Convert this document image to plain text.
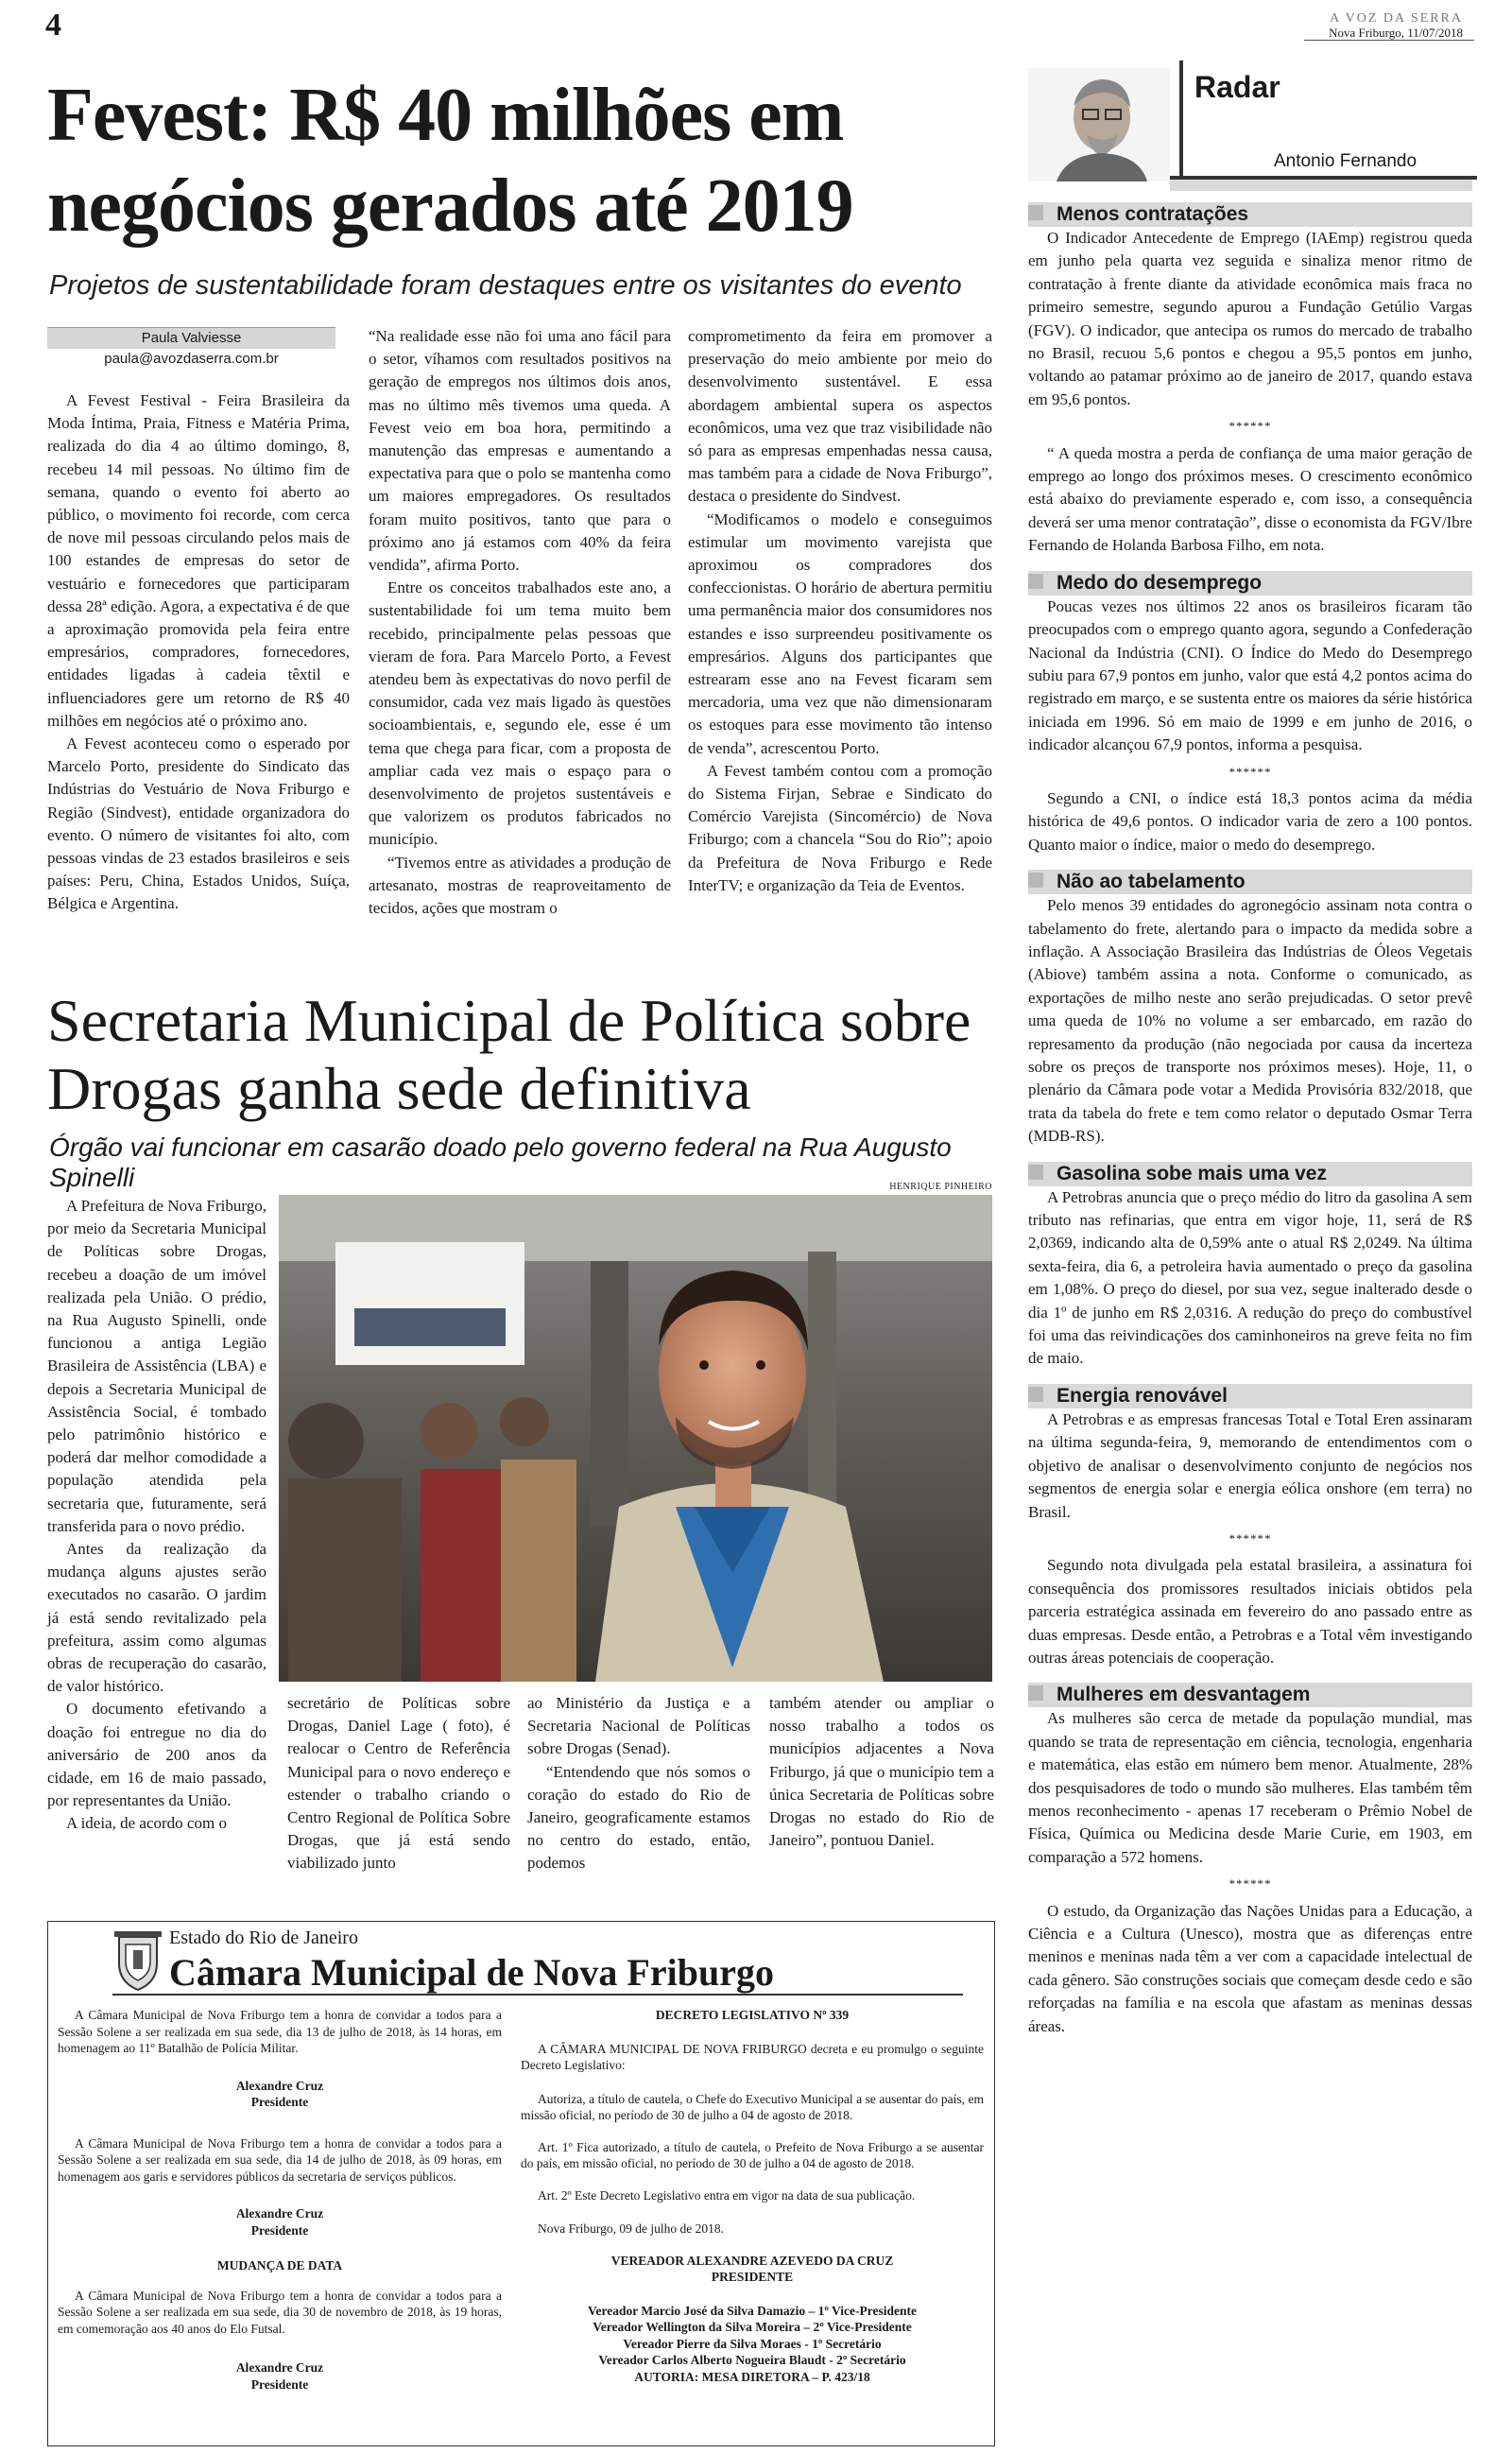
4	A VOZ DA SERRA
Nova Friburgo, 11/07/2018
Fevest: R$ 40 milhões em negócios gerados até 2019
Projetos de sustentabilidade foram destaques entre os visitantes do evento
Paula Valviesse
paula@avozdaserra.com.br

A Fevest Festival - Feira Brasileira da Moda Íntima, Praia, Fitness e Matéria Prima, realizada do dia 4 ao último domingo, 8, recebeu 14 mil pessoas. No último fim de semana, quando o evento foi aberto ao público, o movimento foi recorde, com cerca de nove mil pessoas circulando pelos mais de 100 estandes de empresas do setor de vestuário e fornecedores que participaram dessa 28ª edição. Agora, a expectativa é de que a aproximação promovida pela feira entre empresários, compradores, fornecedores, entidades ligadas à cadeia têxtil e influenciadores gere um retorno de R$ 40 milhões em negócios até o próximo ano.

A Fevest aconteceu como o esperado por Marcelo Porto, presidente do Sindicato das Indústrias do Vestuário de Nova Friburgo e Região (Sindvest), entidade organizadora do evento. O número de visitantes foi alto, com pessoas vindas de 23 estados brasileiros e seis países: Peru, China, Estados Unidos, Suíça, Bélgica e Argentina.

“Na realidade esse não foi uma ano fácil para o setor, víhamos com resultados positivos na geração de empregos nos últimos dois anos, mas no último mês tivemos uma queda. A Fevest veio em boa hora, permitindo a manutenção das empresas e aumentando a expectativa para que o polo se mantenha como um maiores empregadores. Os resultados foram muito positivos, tanto que para o próximo ano já estamos com 40% da feira vendida”, afirma Porto.

Entre os conceitos trabalhados este ano, a sustentabilidade foi um tema muito bem recebido, principalmente pelas pessoas que vieram de fora. Para Marcelo Porto, a Fevest atendeu bem às expectativas do novo perfil de consumidor, cada vez mais ligado às questões socioambientais, e, segundo ele, esse é um tema que chega para ficar, com a proposta de ampliar cada vez mais o espaço para o desenvolvimento de projetos sustentáveis e que valorizem os produtos fabricados no município.

“Tivemos entre as atividades a produção de artesanato, mostras de reaproveitamento de tecidos, ações que mostram o

comprometimento da feira em promover a preservação do meio ambiente por meio do desenvolvimento sustentável. E essa abordagem ambiental supera os aspectos econômicos, uma vez que traz visibilidade não só para as empresas empenhadas nessa causa, mas também para a cidade de Nova Friburgo”, destaca o presidente do Sindvest.

“Modificamos o modelo e conseguimos estimular um movimento varejista que aproximou os compradores dos confeccionistas. O horário de abertura permitiu uma permanência maior dos consumidores nos estandes e isso surpreendeu positivamente os empresários. Alguns dos participantes que estrearam esse ano na Fevest ficaram sem mercadoria, uma vez que não dimensionaram os estoques para esse movimento tão intenso de venda”, acrescentou Porto.

A Fevest também contou com a promoção do Sistema Firjan, Sebrae e Sindicato do Comércio Varejista (Sincomércio) de Nova Friburgo; com a chancela “Sou do Rio”; apoio da Prefeitura de Nova Friburgo e Rede InterTV; e organização da Teia de Eventos.

Secretaria Municipal de Política sobre Drogas ganha sede definitiva
Órgão vai funcionar em casarão doado pelo governo federal na Rua Augusto Spinelli	HENRIQUE PINHEIRO

A Prefeitura de Nova Friburgo, por meio da Secretaria Municipal de Políticas sobre Drogas, recebeu a doação de um imóvel realizada pela União. O prédio, na Rua Augusto Spinelli, onde funcionou a antiga Legião Brasileira de Assistência (LBA) e depois a Secretaria Municipal de Assistência Social, é tombado pelo patrimônio histórico e poderá dar melhor comodidade a população atendida pela secretaria que, futuramente, será transferida para o novo prédio.

Antes da realização da mudança alguns ajustes serão executados no casarão. O jardim já está sendo revitalizado pela prefeitura, assim como algumas obras de recuperação do casarão, de valor histórico.

O documento efetivando a doação foi entregue no dia do aniversário de 200 anos da cidade, em 16 de maio passado, por representantes da União.

A ideia, de acordo com o

secretário de Políticas sobre Drogas, Daniel Lage ( foto), é realocar o Centro de Referência Municipal para o novo endereço e estender o trabalho criando o Centro Regional de Política Sobre Drogas, que já está sendo viabilizado junto

ao Ministério da Justiça e a Secretaria Nacional de Políticas sobre Drogas (Senad).

“Entendendo que nós somos o coração do estado do Rio de Janeiro, geograficamente estamos no centro do estado, então, podemos

também atender ou ampliar o nosso trabalho a todos os municípios adjacentes a Nova Friburgo, já que o município tem a única Secretaria de Políticas sobre Drogas no estado do Rio de Janeiro”, pontuou Daniel.

Estado do Rio de Janeiro
Câmara Municipal de Nova Friburgo

A Câmara Municipal de Nova Friburgo tem a honra de convidar a todos para a Sessão Solene a ser realizada em sua sede, dia 13 de julho de 2018, às 14 horas, em homenagem ao 11º Batalhão de Polícia Militar.

Alexandre Cruz

Presidente

A Câmara Municipal de Nova Friburgo tem a honra de convidar a todos para a Sessão Solene a ser realizada em sua sede, dia 14 de julho de 2018, às 09 horas, em homenagem aos garis e servidores públicos da secretaria de serviços públicos.

Alexandre Cruz

Presidente

MUDANÇA DE DATA

A Câmara Municipal de Nova Friburgo tem a honra de convidar a todos para a Sessão Solene a ser realizada em sua sede, dia 30 de novembro de 2018, às 19 horas, em comemoração aos 40 anos do Elo Futsal.

Alexandre Cruz

Presidente

DECRETO LEGISLATIVO Nº 339

A CÂMARA MUNICIPAL DE NOVA FRIBURGO decreta e eu promulgo o seguinte Decreto Legislativo:

Autoriza, a título de cautela, o Chefe do Executivo Municipal a se ausentar do país, em missão oficial, no período de 30 de julho a 04 de agosto de 2018.

Art. 1º Fica autorizado, a título de cautela, o Prefeito de Nova Friburgo a se ausentar do país, em missão oficial, no período de 30 de julho a 04 de agosto de 2018.

Art. 2º Este Decreto Legislativo entra em vigor na data de sua publicação.

Nova Friburgo, 09 de julho de 2018.

VEREADOR ALEXANDRE AZEVEDO DA CRUZ

PRESIDENTE

Vereador Marcio José da Silva Damazio – 1º Vice-Presidente
Vereador Wellington da Silva Moreira – 2º Vice-Presidente
Vereador Pierre da Silva Moraes - 1º Secretário
Vereador Carlos Alberto Nogueira Blaudt - 2º Secretário
AUTORIA: MESA DIRETORA – P. 423/18
Radar
Antonio Fernando
Menos contratações

O Indicador Antecedente de Emprego (IAEmp) registrou queda em junho pela quarta vez seguida e sinaliza menor ritmo de contratação à frente diante da atividade econômica mais fraca no primeiro semestre, segundo apurou a Fundação Getúlio Vargas (FGV). O indicador, que antecipa os rumos do mercado de trabalho no Brasil, recuou 5,6 pontos e chegou a 95,5 pontos em junho, voltando ao patamar próximo ao de janeiro de 2017, quando estava em 95,6 pontos.

******

“ A queda mostra a perda de confiança de uma maior geração de emprego ao longo dos próximos meses. O crescimento econômico está abaixo do previamente esperado e, com isso, a consequência deverá ser uma menor contratação”, disse o economista da FGV/Ibre Fernando de Holanda Barbosa Filho, em nota.

Medo do desemprego

Poucas vezes nos últimos 22 anos os brasileiros ficaram tão preocupados com o emprego quanto agora, segundo a Confederação Nacional da Indústria (CNI). O Índice do Medo do Desemprego subiu para 67,9 pontos em junho, valor que está 4,2 pontos acima do registrado em março, e se sustenta entre os maiores da série histórica iniciada em 1996. Só em maio de 1999 e em junho de 2016, o indicador alcançou 67,9 pontos, informa a pesquisa.

******

Segundo a CNI, o índice está 18,3 pontos acima da média histórica de 49,6 pontos. O indicador varia de zero a 100 pontos. Quanto maior o índice, maior o medo do desemprego.

Não ao tabelamento

Pelo menos 39 entidades do agronegócio assinam nota contra o tabelamento do frete, alertando para o impacto da medida sobre a inflação. A Associação Brasileira das Indústrias de Óleos Vegetais (Abiove) também assina a nota. Conforme o comunicado, as exportações de milho neste ano serão prejudicadas. O setor prevê uma queda de 10% no volume a ser embarcado, em razão do represamento da produção (não negociada por causa da incerteza sobre os preços de transporte nos próximos meses). Hoje, 11, o plenário da Câmara pode votar a Medida Provisória 832/2018, que trata da tabela do frete e tem como relator o deputado Osmar Terra (MDB-RS).

Gasolina sobe mais uma vez

A Petrobras anuncia que o preço médio do litro da gasolina A sem tributo nas refinarias, que entra em vigor hoje, 11, será de R$ 2,0369, indicando alta de 0,59% ante o atual R$ 2,0249. Na última sexta-feira, dia 6, a petroleira havia aumentado o preço da gasolina em 1,08%. O preço do diesel, por sua vez, segue inalterado desde o dia 1º de junho em R$ 2,0316. A redução do preço do combustível foi uma das reivindicações dos caminhoneiros na greve feita no fim de maio.

Energia renovável

A Petrobras e as empresas francesas Total e Total Eren assinaram na última segunda-feira, 9, memorando de entendimentos com o objetivo de analisar o desenvolvimento conjunto de negócios nos segmentos de energia solar e energia eólica onshore (em terra) no Brasil.

******

Segundo nota divulgada pela estatal brasileira, a assinatura foi consequência dos promissores resultados iniciais obtidos pela parceria estratégica assinada em fevereiro do ano passado entre as duas empresas. Desde então, a Petrobras e a Total vêm investigando outras áreas potenciais de cooperação.

Mulheres em desvantagem

As mulheres são cerca de metade da população mundial, mas quando se trata de representação em ciência, tecnologia, engenharia e matemática, elas estão em número bem menor. Atualmente, 28% dos pesquisadores de todo o mundo são mulheres. Elas também têm menos reconhecimento - apenas 17 receberam o Prêmio Nobel de Física, Química ou Medicina desde Marie Curie, em 1903, em comparação a 572 homens.

******

O estudo, da Organização das Nações Unidas para a Educação, a Ciência e a Cultura (Unesco), mostra que as diferenças entre meninos e meninas nada têm a ver com a capacidade intelectual de cada gênero. São construções sociais que começam desde cedo e são reforçadas na família e na escola que afastam as meninas dessas áreas.
